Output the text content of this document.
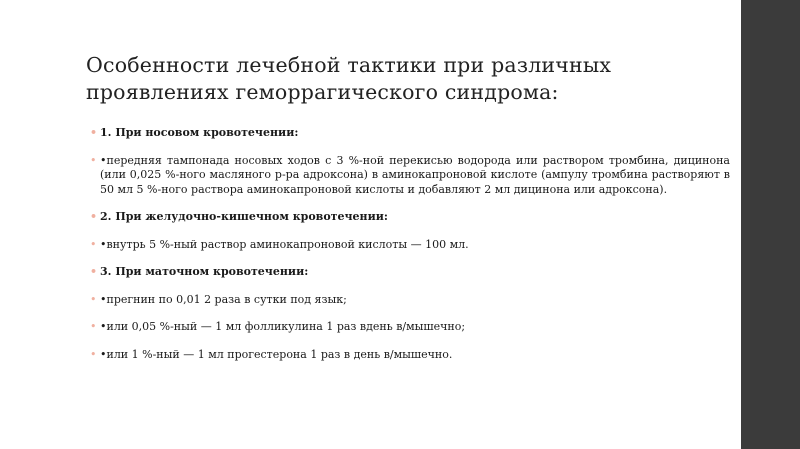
Особенности лечебной тактики при различных
проявлениях геморрагического синдрома:
• 1. При носовом кровотечении:
• •передняя тампонада носовых ходов с 3 %-ной перекисью водорода или раствором тромбина, дицинона (или 0,025 %-ного масляного р-ра адроксона) в аминокапроновой кислоте (ампулу тромбина растворяют в 50 мл 5 %-ного раствора аминокапроновой кислоты и добавляют 2 мл дицинона или адроксона).
• 2. При желудочно-кишечном кровотечении:
• •внутрь 5 %-ный раствор аминокапроновой кислоты — 100 мл.
• 3. При маточном кровотечении:
• •прегнин по 0,01 2 раза в сутки под язык;
• •или 0,05 %-ный — 1 мл фолликулина 1 раз вдень в/мышечно;
• •или 1 %-ный — 1 мл прогестерона 1 раз в день в/мышечно.
